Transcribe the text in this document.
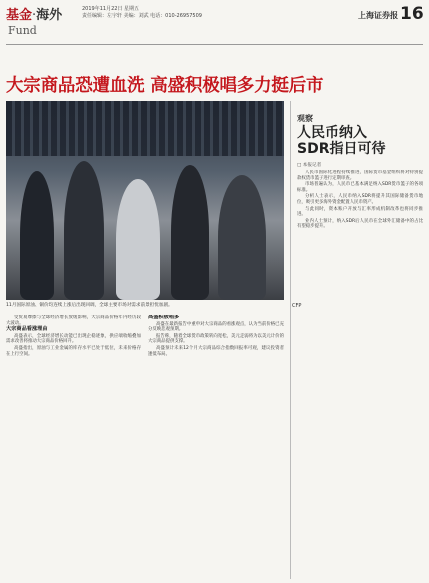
基金·海外
Fund
2019年11月22日 星期五
责任编辑：左宇轩 美编：刘武 电话：010-26957509	上海证券报 16
大宗商品恐遭血洗 高盛积极唱多力挺后市
11月国际原油、铜价均连续上涨后出现回调，全球主要市场对需求前景担忧加剧。	CFP
观察
人民币纳入
SDR指日可待
□ 本报记者

受贸易摩擦与全球经济增长放缓影响，大宗商品价格年内经历较大波动。

大宗商品看涨理由

高盛表示，全球经济增长动能已出现企稳迹象，供应端收缩叠加需求改善将推动大宗商品价格回升。

高盛指出，原油与工业金属的库存水平已处于低位，未来价格存在上行空间。

高盛积极唱多

高盛在最新报告中重申对大宗商品的看涨观点，认为当前价格已充分反映悲观预期。

报告称，随着全球货币政策转向宽松，美元走弱将为以美元计价的大宗商品提供支撑。

高盛预计未来12个月大宗商品综合指数回报率可观，建议投资者逢低布局。

人民币国际化进程持续推进，国际货币基金组织将对特别提款权货币篮子进行定期审查。

市场普遍认为，人民币已基本满足纳入SDR货币篮子的各项标准。

分析人士表示，人民币纳入SDR将提升其国际储备货币地位，吸引更多海外资金配置人民币资产。

与此同时，资本账户开放与汇率形成机制改革也将同步推进。

业内人士预计，纳入SDR后人民币在全球外汇储备中的占比有望稳步提升。
